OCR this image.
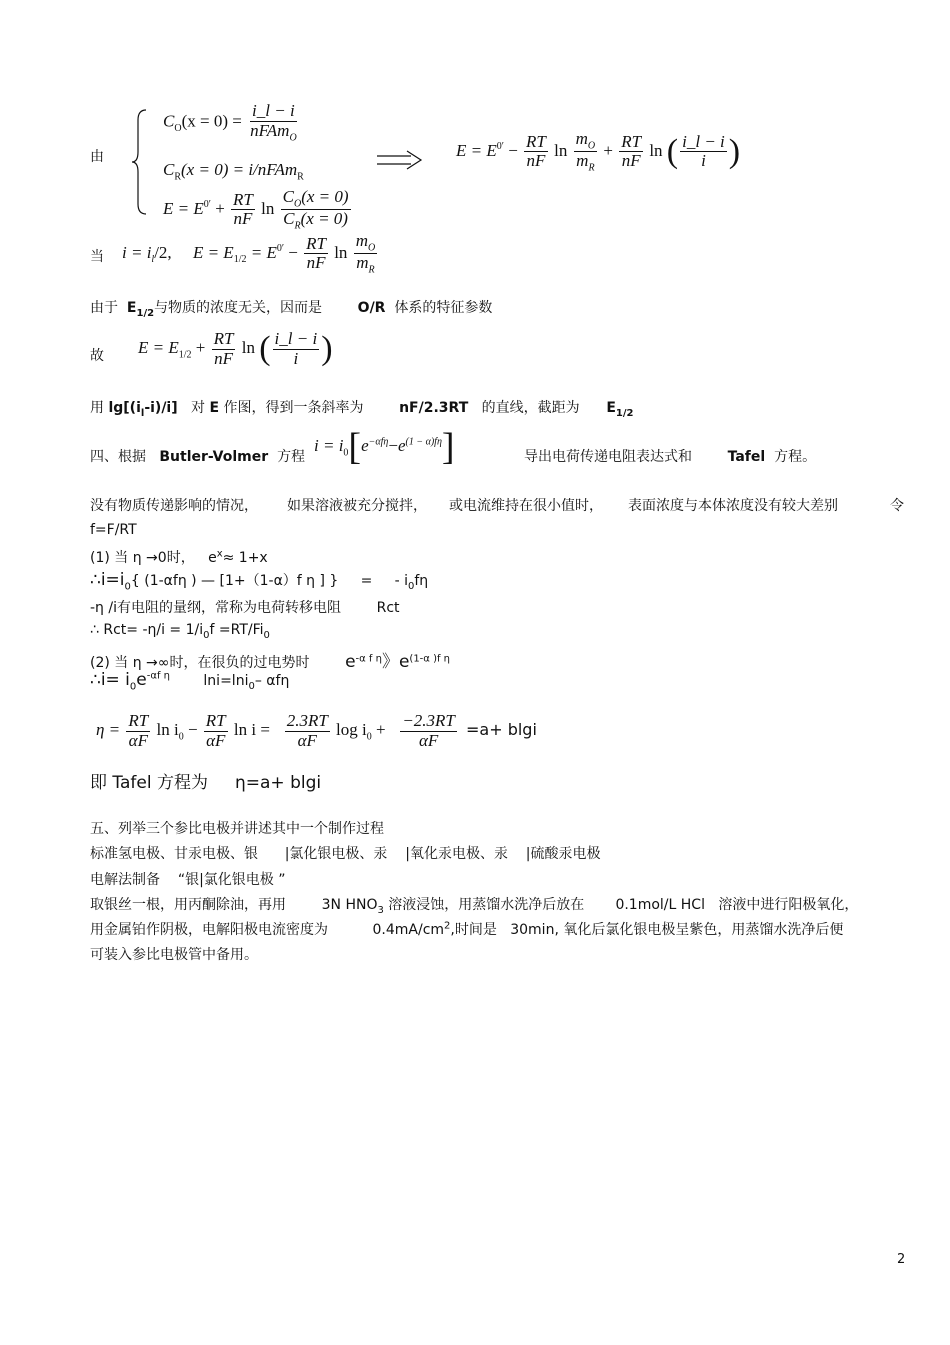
由
$C_O(x = 0) = \frac{i\_l - i}{nFAm_O}$
$C_R(x = 0)$ = i/nFAm$_R$
$E = E^{0'} + \frac{RT}{nF}$ $\ln \frac{C_O(x = 0)}{C_R(x = 0)}$
$E = E^{0'} - \frac{RT}{nF}$ $\ln \frac{m_O}{m_R} + \frac{RT}{nF}$ ln ( $\frac{i\_l - i}{i}$ )
当 $i = i_l/2$, $E = E_{1/2} = E^{0'} - \frac{RT}{nF}$ $\ln \frac{m_O}{m_R}$
由于 $E_{1/2}$与物质的浓度无关，因而是	O/R 体系的特征参数
故 $E = E_{1/2} + \frac{RT}{nF}$ ln ( $\frac{i\_l - i}{i}$ )
用 $\lg[(i_l-i)/i]$ 对 E 作图，得到一条斜率为	nF/2.3RT 的直线，截距为 $E_{1/2}$
四、根据 Butler-Volmer 方程
$i = i_0[e^{-\alpha f\eta}-e^{(1 - \alpha)f\eta}]$	导出电荷传递电阻表达式和	Tafel 方程。
没有物质传递影响的情况， 如果溶液被充分搅拌， 或电流维持在很小值时， 表面浓度与本体浓度没有较大差别	令
f=F/RT
(1) 当 η →0时， $e^x\approx 1+x$
$\therefore i=i_0${ (1-αfη ) — [1+（1-α）f η ] } = - $i_0f\eta$
-η /i有电阻的量纲，常称为电荷转移电阻	Rct
∴ $Rct= -\eta/i = 1/i_0f =RT/Fi_0$
(2) 当 η →∞时，在很负的过电势时 $e^{-\alpha f \eta}$》$e^{(1-\alpha )f \eta}$
∴i= $i_0e^{-\alpha f \eta}$ lni=lni$_0$– αfη
$\eta = \frac{RT}{\alpha F}$ $\ln i_0 - \frac{RT}{\alpha F}$ $\ln i = \frac{2.3RT}{\alpha F}$ $\log i_0 + \frac{-2.3RT}{\alpha F} =a+ blgi$
即 Tafel 方程为 η=a+ blgi
五、列举三个参比电极并讲述其中一个制作过程
标准氢电极、甘汞电极、银 |氯化银电极、汞 |氧化汞电极、汞 |硫酸汞电极
电解法制备 “银|氯化银电极 ”
取银丝一根，用丙酮除油，再用	3N $HNO_3$ 溶液浸蚀，用蒸馏水洗净后放在 0.1mol/L HCl 溶液中进行阳极氧化，
用金属铂作阴极，电解阳极电流密度为	$0.4mA/cm^2$,时间是 30min, 氧化后氯化银电极呈紫色，用蒸馏水洗净后便
可装入参比电极管中备用。
2
